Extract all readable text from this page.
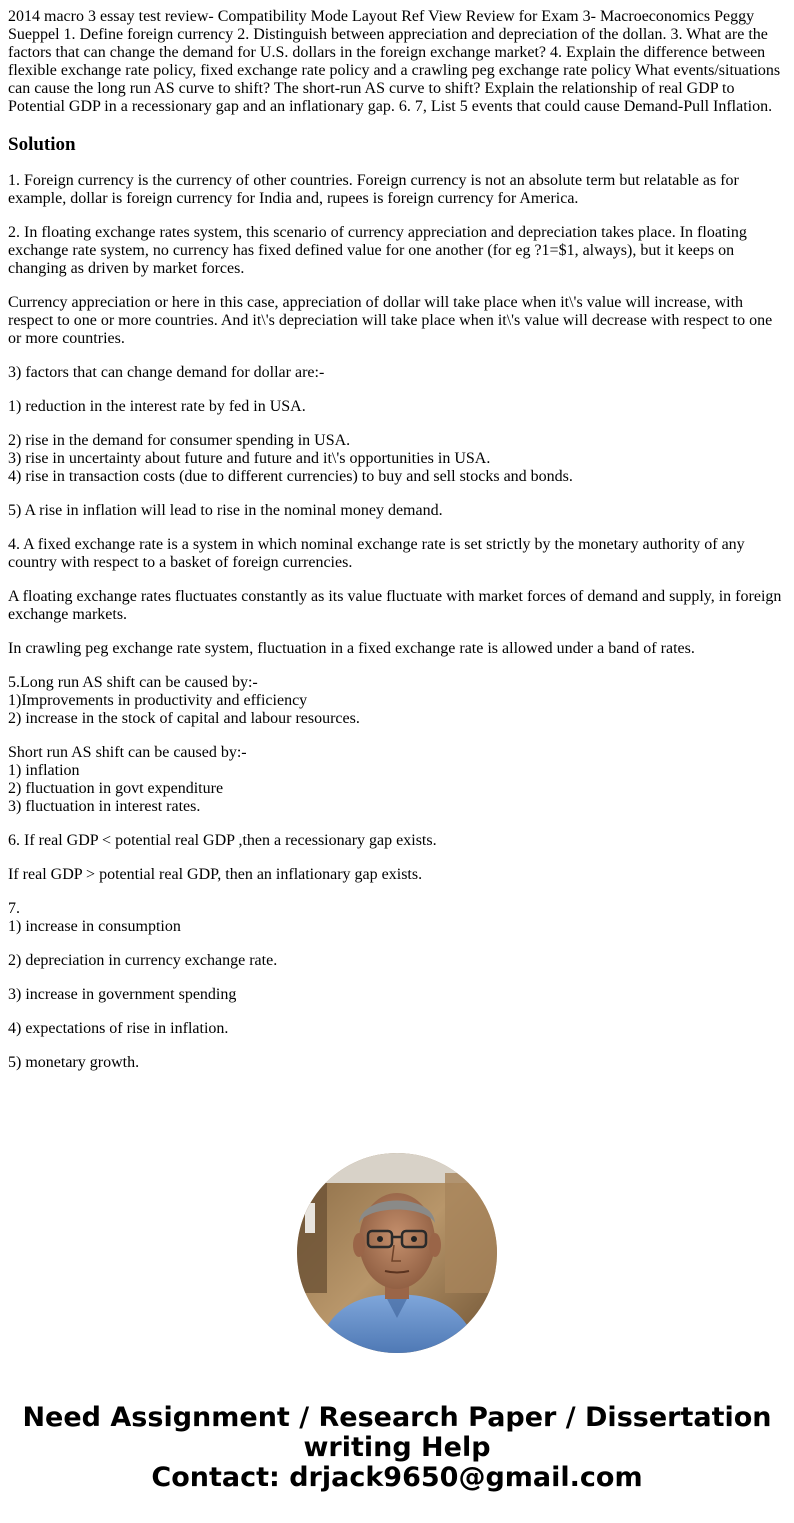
2014 macro 3 essay test review- Compatibility Mode Layout Ref View Review for Exam 3- Macroeconomics Peggy Sueppel 1. Define foreign currency 2. Distinguish between appreciation and depreciation of the dollan. 3. What are the factors that can change the demand for U.S. dollars in the foreign exchange market? 4. Explain the difference between flexible exchange rate policy, fixed exchange rate policy and a crawling peg exchange rate policy What events/situations can cause the long run AS curve to shift? The short-run AS curve to shift? Explain the relationship of real GDP to Potential GDP in a recessionary gap and an inflationary gap. 6. 7, List 5 events that could cause Demand-Pull Inflation.
Solution
1. Foreign currency is the currency of other countries. Foreign currency is not an absolute term but relatable as for example, dollar is foreign currency for India and, rupees is foreign currency for America.
2. In floating exchange rates system, this scenario of currency appreciation and depreciation takes place. In floating exchange rate system, no currency has fixed defined value for one another (for eg ?1=$1, always), but it keeps on changing as driven by market forces.
Currency appreciation or here in this case, appreciation of dollar will take place when it\'s value will increase, with respect to one or more countries. And it\'s depreciation will take place when it\'s value will decrease with respect to one or more countries.
3) factors that can change demand for dollar are:-
1) reduction in the interest rate by fed in USA.
2) rise in the demand for consumer spending in USA.
3) rise in uncertainty about future and future and it\'s opportunities in USA.
4) rise in transaction costs (due to different currencies) to buy and sell stocks and bonds.
5) A rise in inflation will lead to rise in the nominal money demand.
4. A fixed exchange rate is a system in which nominal exchange rate is set strictly by the monetary authority of any country with respect to a basket of foreign currencies.
A floating exchange rates fluctuates constantly as its value fluctuate with market forces of demand and supply, in foreign exchange markets.
In crawling peg exchange rate system, fluctuation in a fixed exchange rate is allowed under a band of rates.
5.Long run AS shift can be caused by:-
1)Improvements in productivity and efficiency
2) increase in the stock of capital and labour resources.
Short run AS shift can be caused by:-
1) inflation
2) fluctuation in govt expenditure
3) fluctuation in interest rates.
6. If real GDP < potential real GDP ,then a recessionary gap exists.
If real GDP > potential real GDP, then an inflationary gap exists.
7.
1) increase in consumption
2) depreciation in currency exchange rate.
3) increase in government spending
4) expectations of rise in inflation.
5) monetary growth.
Need Assignment / Research Paper / Dissertation
writing Help
Contact: drjack9650@gmail.com
